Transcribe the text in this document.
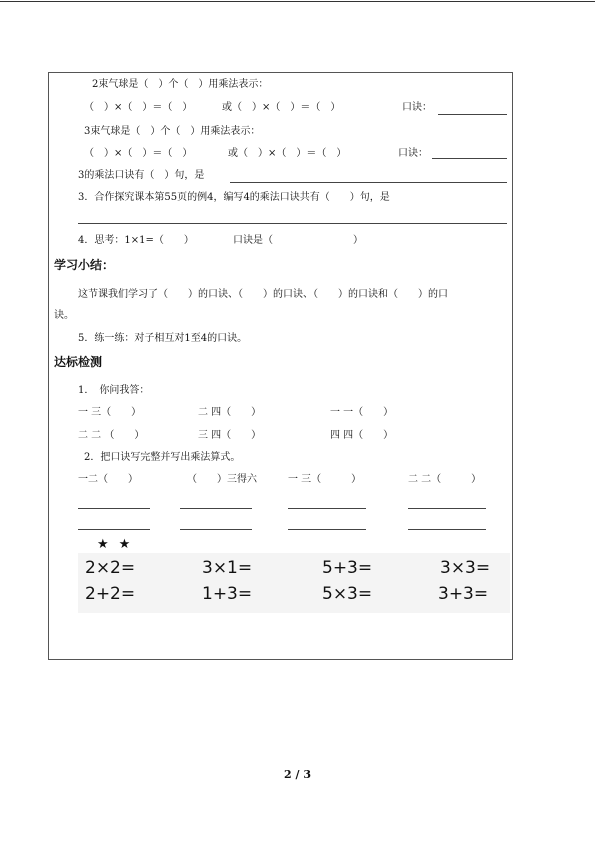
2束气球是（　）个（　）用乘法表示：
（　）×（　）＝（　）	或（　）×（　）＝（　）	口诀：
3束气球是（　）个（　）用乘法表示：
（　）×（　）＝（　）	或（　）×（　）＝（　）	口诀：
3的乘法口诀有（　）句，是
3．合作探究课本第55页的例4，编写4的乘法口诀共有（　　）句，是
4．思考：1×1=（　　）	口诀是（　　　　　　　　）
学习小结：
这节课我们学习了（　　）的口诀、（　　）的口诀、（　　）的口诀和（　　）的口
诀。
5．练一练：对子相互对1至4的口诀。
达标检测
1．　你问我答：
一 三（　　）	二 四（　　）	一 一（　　）
二 二 （　　）	三 四（　　）	四 四（　　）
2．把口诀写完整并写出乘法算式。
一二（　　）	（　　）三得六	一 三（　　　）	二 二（　　　）
★★
2×2=	3×1=	5+3=	3×3=
2+2=	1+3=	5×3=	3+3=
2 / 3
